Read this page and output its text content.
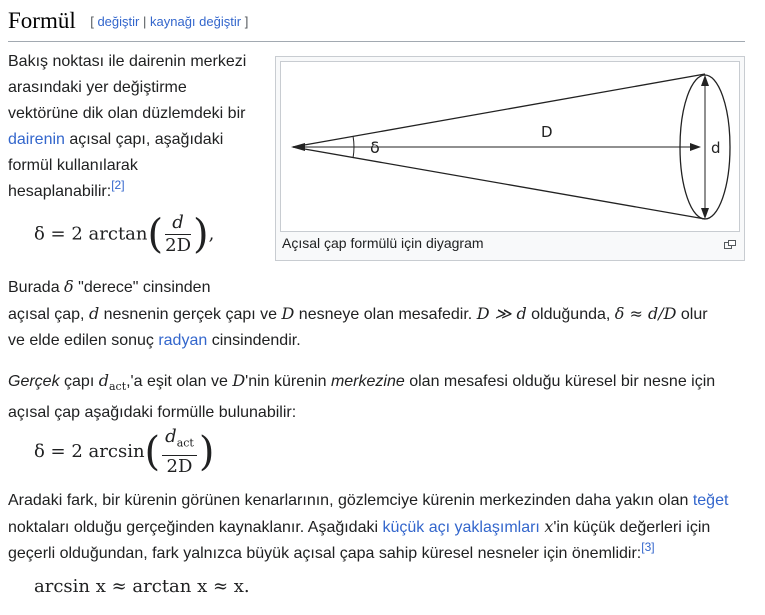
Formül [ değiştir | kaynağı değiştir ]
Bakış noktası ile dairenin merkezi
arasındaki yer değiştirme
vektörüne dik olan düzlemdeki bir
dairenin açısal çapı, aşağıdaki
formül kullanılarak
hesaplanabilir:[2]
δ
D
d
Açısal çap formülü için diyagram
δ = 2 $\arctan( \frac{d}{2D}$ ),
Burada δ "derece" cinsinden
açısal çap, d nesnenin gerçek çapı ve D nesneye olan mesafedir. D ≫ d olduğunda, δ ≈ d/D olur
ve elde edilen sonuç radyan cinsindendir.
Gerçek çapı $d_{act},'a$ eşit olan ve D'nin kürenin merkezine olan mesafesi olduğu küresel bir nesne için
açısal çap aşağıdaki formülle bulunabilir:
δ = 2 $\arcsin( \frac{d_{act}}{2D}$ )
Aradaki fark, bir kürenin görünen kenarlarının, gözlemciye kürenin merkezinden daha yakın olan teğet
noktaları olduğu gerçeğinden kaynaklanır. Aşağıdaki küçük açı yaklaşımları x'in küçük değerleri için
geçerli olduğundan, fark yalnızca büyük açısal çapa sahip küresel nesneler için önemlidir:[3]
arcsin x ≈ arctan x ≈ x.
